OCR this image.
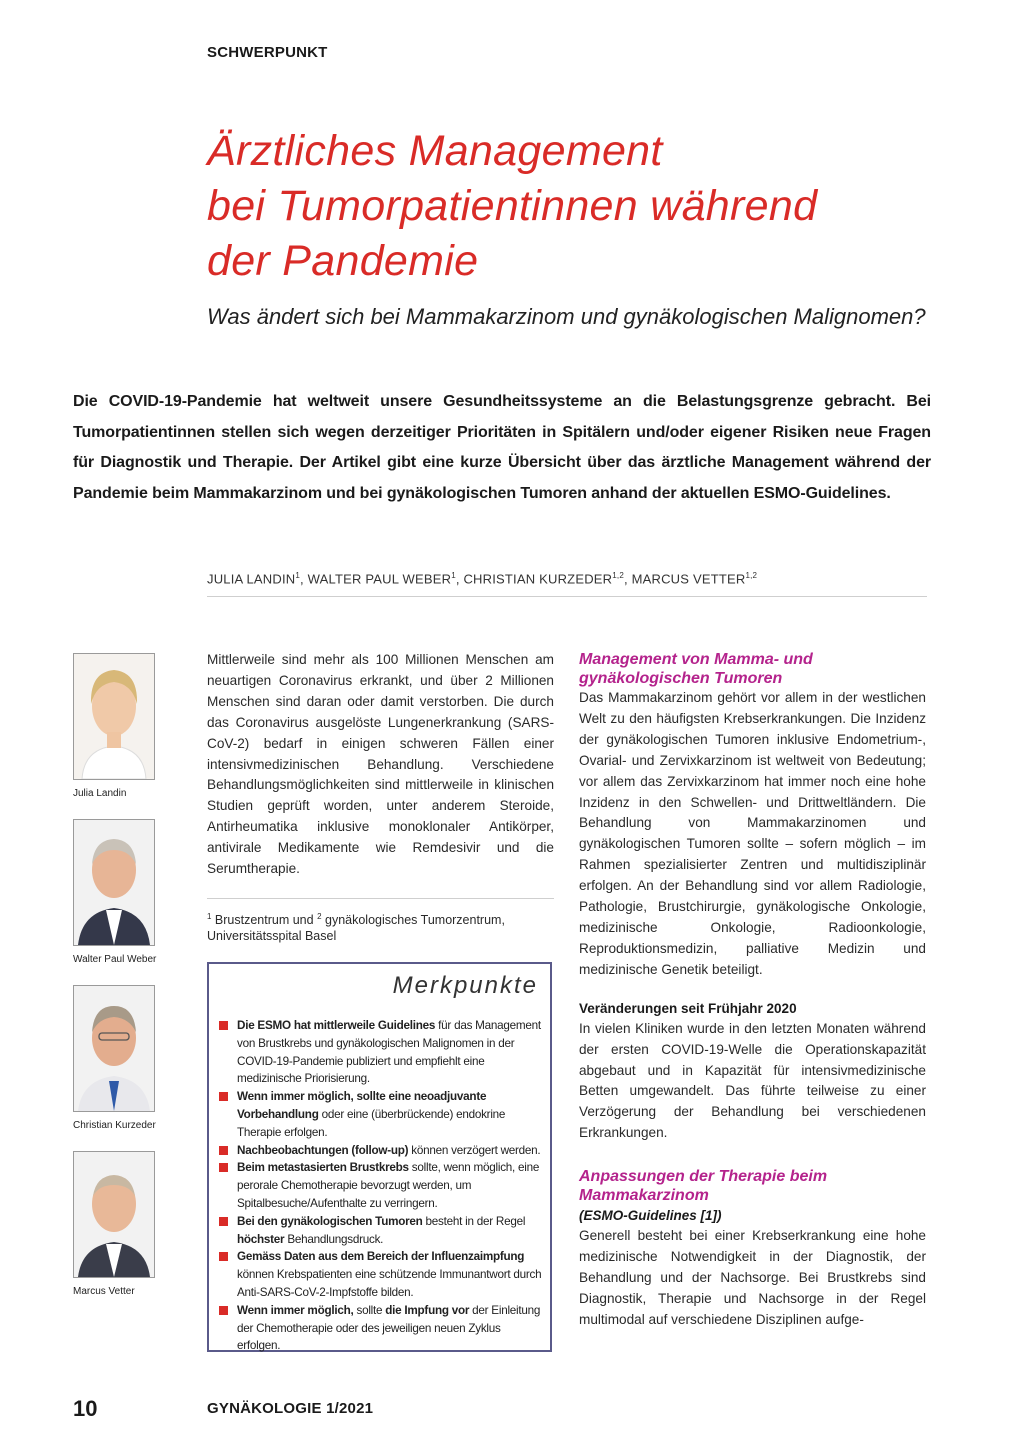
SCHWERPUNKT
Ärztliches Management
bei Tumorpatientinnen während
der Pandemie

Was ändert sich bei Mammakarzinom und gynäkologischen Malignomen?

Die COVID-19-Pandemie hat weltweit unsere Gesundheitssysteme an die Belastungsgrenze gebracht. Bei Tumorpatientinnen stellen sich wegen derzeitiger Prioritäten in Spitälern und/oder eigener Risiken neue Fragen für Diagnostik und Therapie. Der Artikel gibt eine kurze Übersicht über das ärztliche Management während der Pandemie beim Mammakarzinom und bei gynäkologischen Tumoren anhand der aktuellen ESMO-Guidelines.

JULIA LANDIN$^1$, WALTER PAUL WEBER$^1$, CHRISTIAN KURZEDER$^{1,2}$, MARCUS VETTER$^{1,2}$
Julia Landin
Walter Paul Weber
Christian Kurzeder
Marcus Vetter

Mittlerweile sind mehr als 100 Millionen Menschen am neuartigen Coronavirus erkrankt, und über 2 Millionen Menschen sind daran oder damit verstorben. Die durch das Coronavirus ausgelöste Lungenerkrankung (SARS-CoV-2) bedarf in einigen schweren Fällen einer intensivmedizinischen Behandlung. Verschiedene Behandlungsmöglichkeiten sind mittlerweile in klinischen Studien geprüft worden, unter anderem Steroide, Antirheumatika inklusive monoklonaler Antikörper, antivirale Medikamente wie Remdesivir und die Serumtherapie.

$^1$ Brustzentrum und $^2$ gynäkologisches Tumorzentrum, Universitätsspital Basel
Merkpunkte
Die ESMO hat mittlerweile Guidelines für das Management von Brustkrebs und gynäkologischen Malignomen in der COVID-19-Pandemie publiziert und empfiehlt eine medizinische Priorisierung.
Wenn immer möglich, sollte eine neoadjuvante Vorbehandlung oder eine (überbrückende) endokrine Therapie erfolgen.
Nachbeobachtungen (follow-up) können verzögert werden.
Beim metastasierten Brustkrebs sollte, wenn möglich, eine perorale Chemotherapie bevorzugt werden, um Spitalbesuche/Aufenthalte zu verringern.
Bei den gynäkologischen Tumoren besteht in der Regel höchster Behandlungsdruck.
Gemäss Daten aus dem Bereich der Influenzaimpfung können Krebspatienten eine schützende Immunantwort durch Anti-SARS-CoV-2-Impfstoffe bilden.
Wenn immer möglich, sollte die Impfung vor der Einleitung der Chemotherapie oder des jeweiligen neuen Zyklus erfolgen.
Management von Mamma- und gynäkologischen Tumoren

Das Mammakarzinom gehört vor allem in der westlichen Welt zu den häufigsten Krebserkrankungen. Die Inzidenz der gynäkologischen Tumoren inklusive Endometrium-, Ovarial- und Zervixkarzinom ist weltweit von Bedeutung; vor allem das Zervixkarzinom hat immer noch eine hohe Inzidenz in den Schwellen- und Drittweltländern. Die Behandlung von Mammakarzinomen und gynäkologischen Tumoren sollte – sofern möglich – im Rahmen spezialisierter Zentren und multidisziplinär erfolgen. An der Behandlung sind vor allem Radiologie, Pathologie, Brustchirurgie, gynäkologische Onkologie, medizinische Onkologie, Radioonkologie, Reproduktionsmedizin, palliative Medizin und medizinische Genetik beteiligt.

Veränderungen seit Frühjahr 2020

In vielen Kliniken wurde in den letzten Monaten während der ersten COVID-19-Welle die Operationskapazität abgebaut und in Kapazität für intensivmedizinische Betten umgewandelt. Das führte teilweise zu einer Verzögerung der Behandlung bei verschiedenen Erkrankungen.

Anpassungen der Therapie beim Mammakarzinom
(ESMO-Guidelines [1])

Generell besteht bei einer Krebserkrankung eine hohe medizinische Notwendigkeit in der Diagnostik, der Behandlung und der Nachsorge. Bei Brustkrebs sind Diagnostik, Therapie und Nachsorge in der Regel multimodal auf verschiedene Disziplinen aufge-

10	GYNÄKOLOGIE 1/2021
